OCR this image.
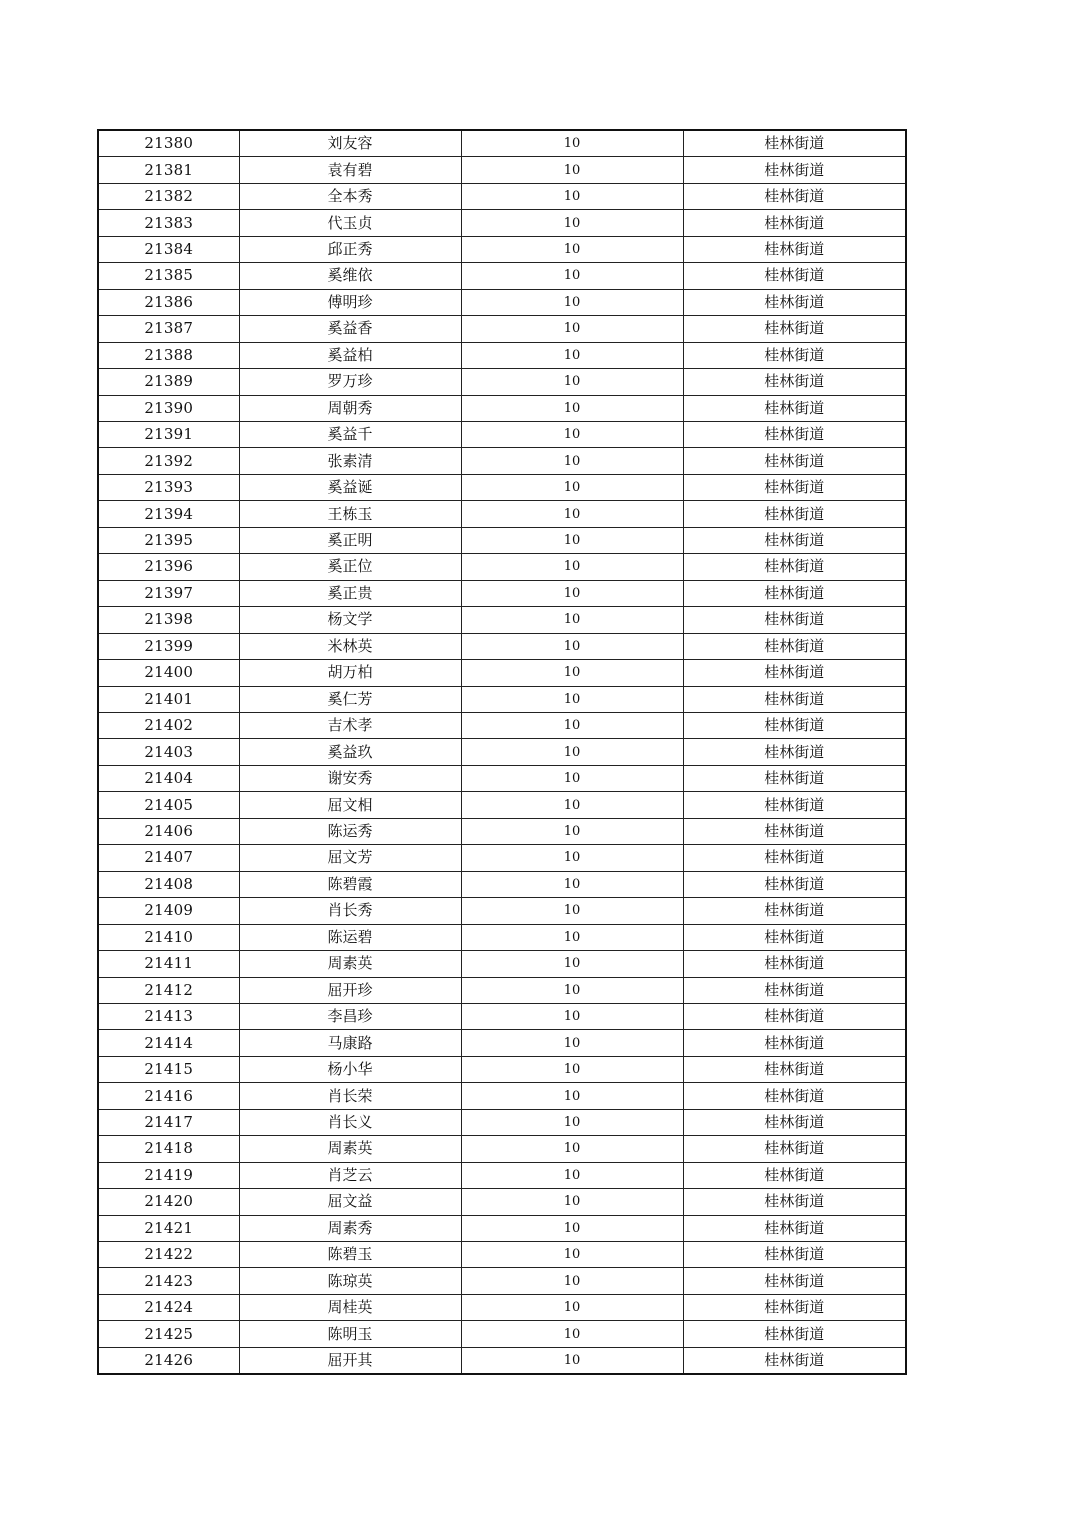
21380	刘友容	10	桂林街道
21381	袁有碧	10	桂林街道
21382	全本秀	10	桂林街道
21383	代玉贞	10	桂林街道
21384	邱正秀	10	桂林街道
21385	奚维依	10	桂林街道
21386	傅明珍	10	桂林街道
21387	奚益香	10	桂林街道
21388	奚益柏	10	桂林街道
21389	罗万珍	10	桂林街道
21390	周朝秀	10	桂林街道
21391	奚益千	10	桂林街道
21392	张素清	10	桂林街道
21393	奚益诞	10	桂林街道
21394	王栋玉	10	桂林街道
21395	奚正明	10	桂林街道
21396	奚正位	10	桂林街道
21397	奚正贵	10	桂林街道
21398	杨文学	10	桂林街道
21399	米林英	10	桂林街道
21400	胡万柏	10	桂林街道
21401	奚仁芳	10	桂林街道
21402	吉术孝	10	桂林街道
21403	奚益玖	10	桂林街道
21404	谢安秀	10	桂林街道
21405	屈文相	10	桂林街道
21406	陈运秀	10	桂林街道
21407	屈文芳	10	桂林街道
21408	陈碧霞	10	桂林街道
21409	肖长秀	10	桂林街道
21410	陈运碧	10	桂林街道
21411	周素英	10	桂林街道
21412	屈开珍	10	桂林街道
21413	李昌珍	10	桂林街道
21414	马康路	10	桂林街道
21415	杨小华	10	桂林街道
21416	肖长荣	10	桂林街道
21417	肖长义	10	桂林街道
21418	周素英	10	桂林街道
21419	肖芝云	10	桂林街道
21420	屈文益	10	桂林街道
21421	周素秀	10	桂林街道
21422	陈碧玉	10	桂林街道
21423	陈琼英	10	桂林街道
21424	周桂英	10	桂林街道
21425	陈明玉	10	桂林街道
21426	屈开其	10	桂林街道
